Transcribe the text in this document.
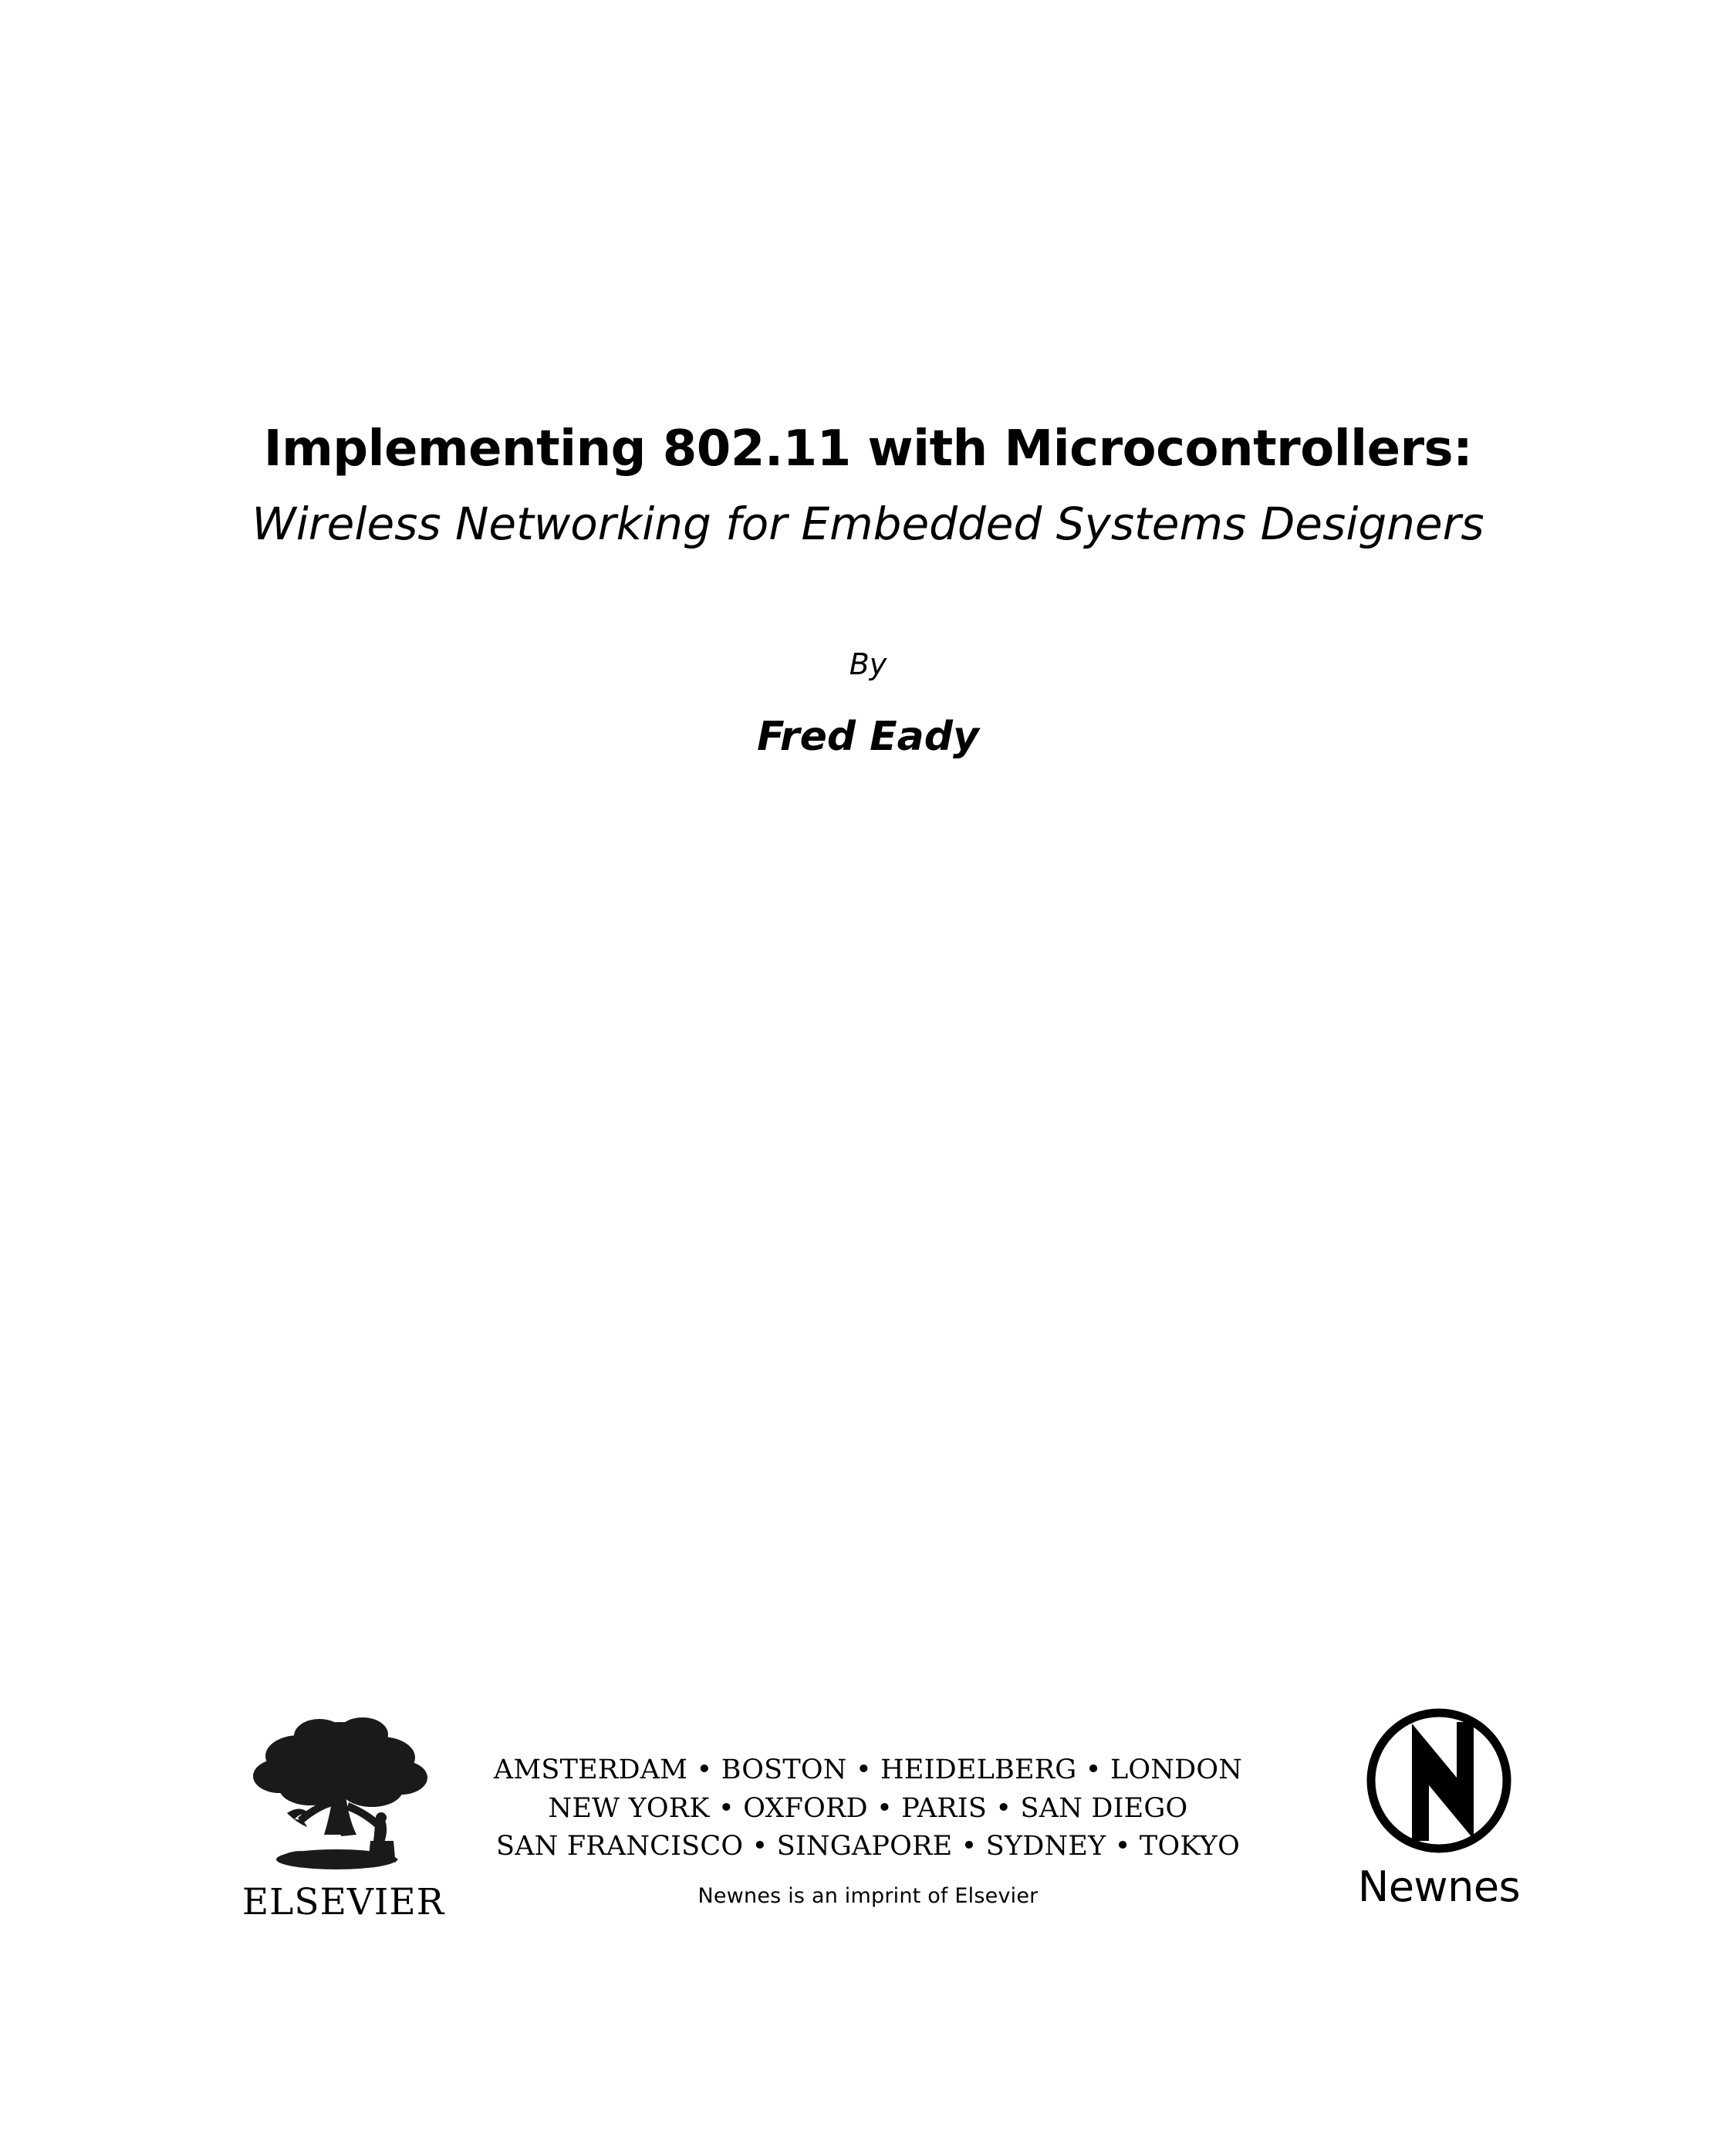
Implementing 802.11 with Microcontrollers:
Wireless Networking for Embedded Systems Designers

By

Fred Eady

ELSEVIER
AMSTERDAM • BOSTON • HEIDELBERG • LONDON
NEW YORK • OXFORD • PARIS • SAN DIEGO
SAN FRANCISCO • SINGAPORE • SYDNEY • TOKYO
Newnes is an imprint of Elsevier	Newnes
